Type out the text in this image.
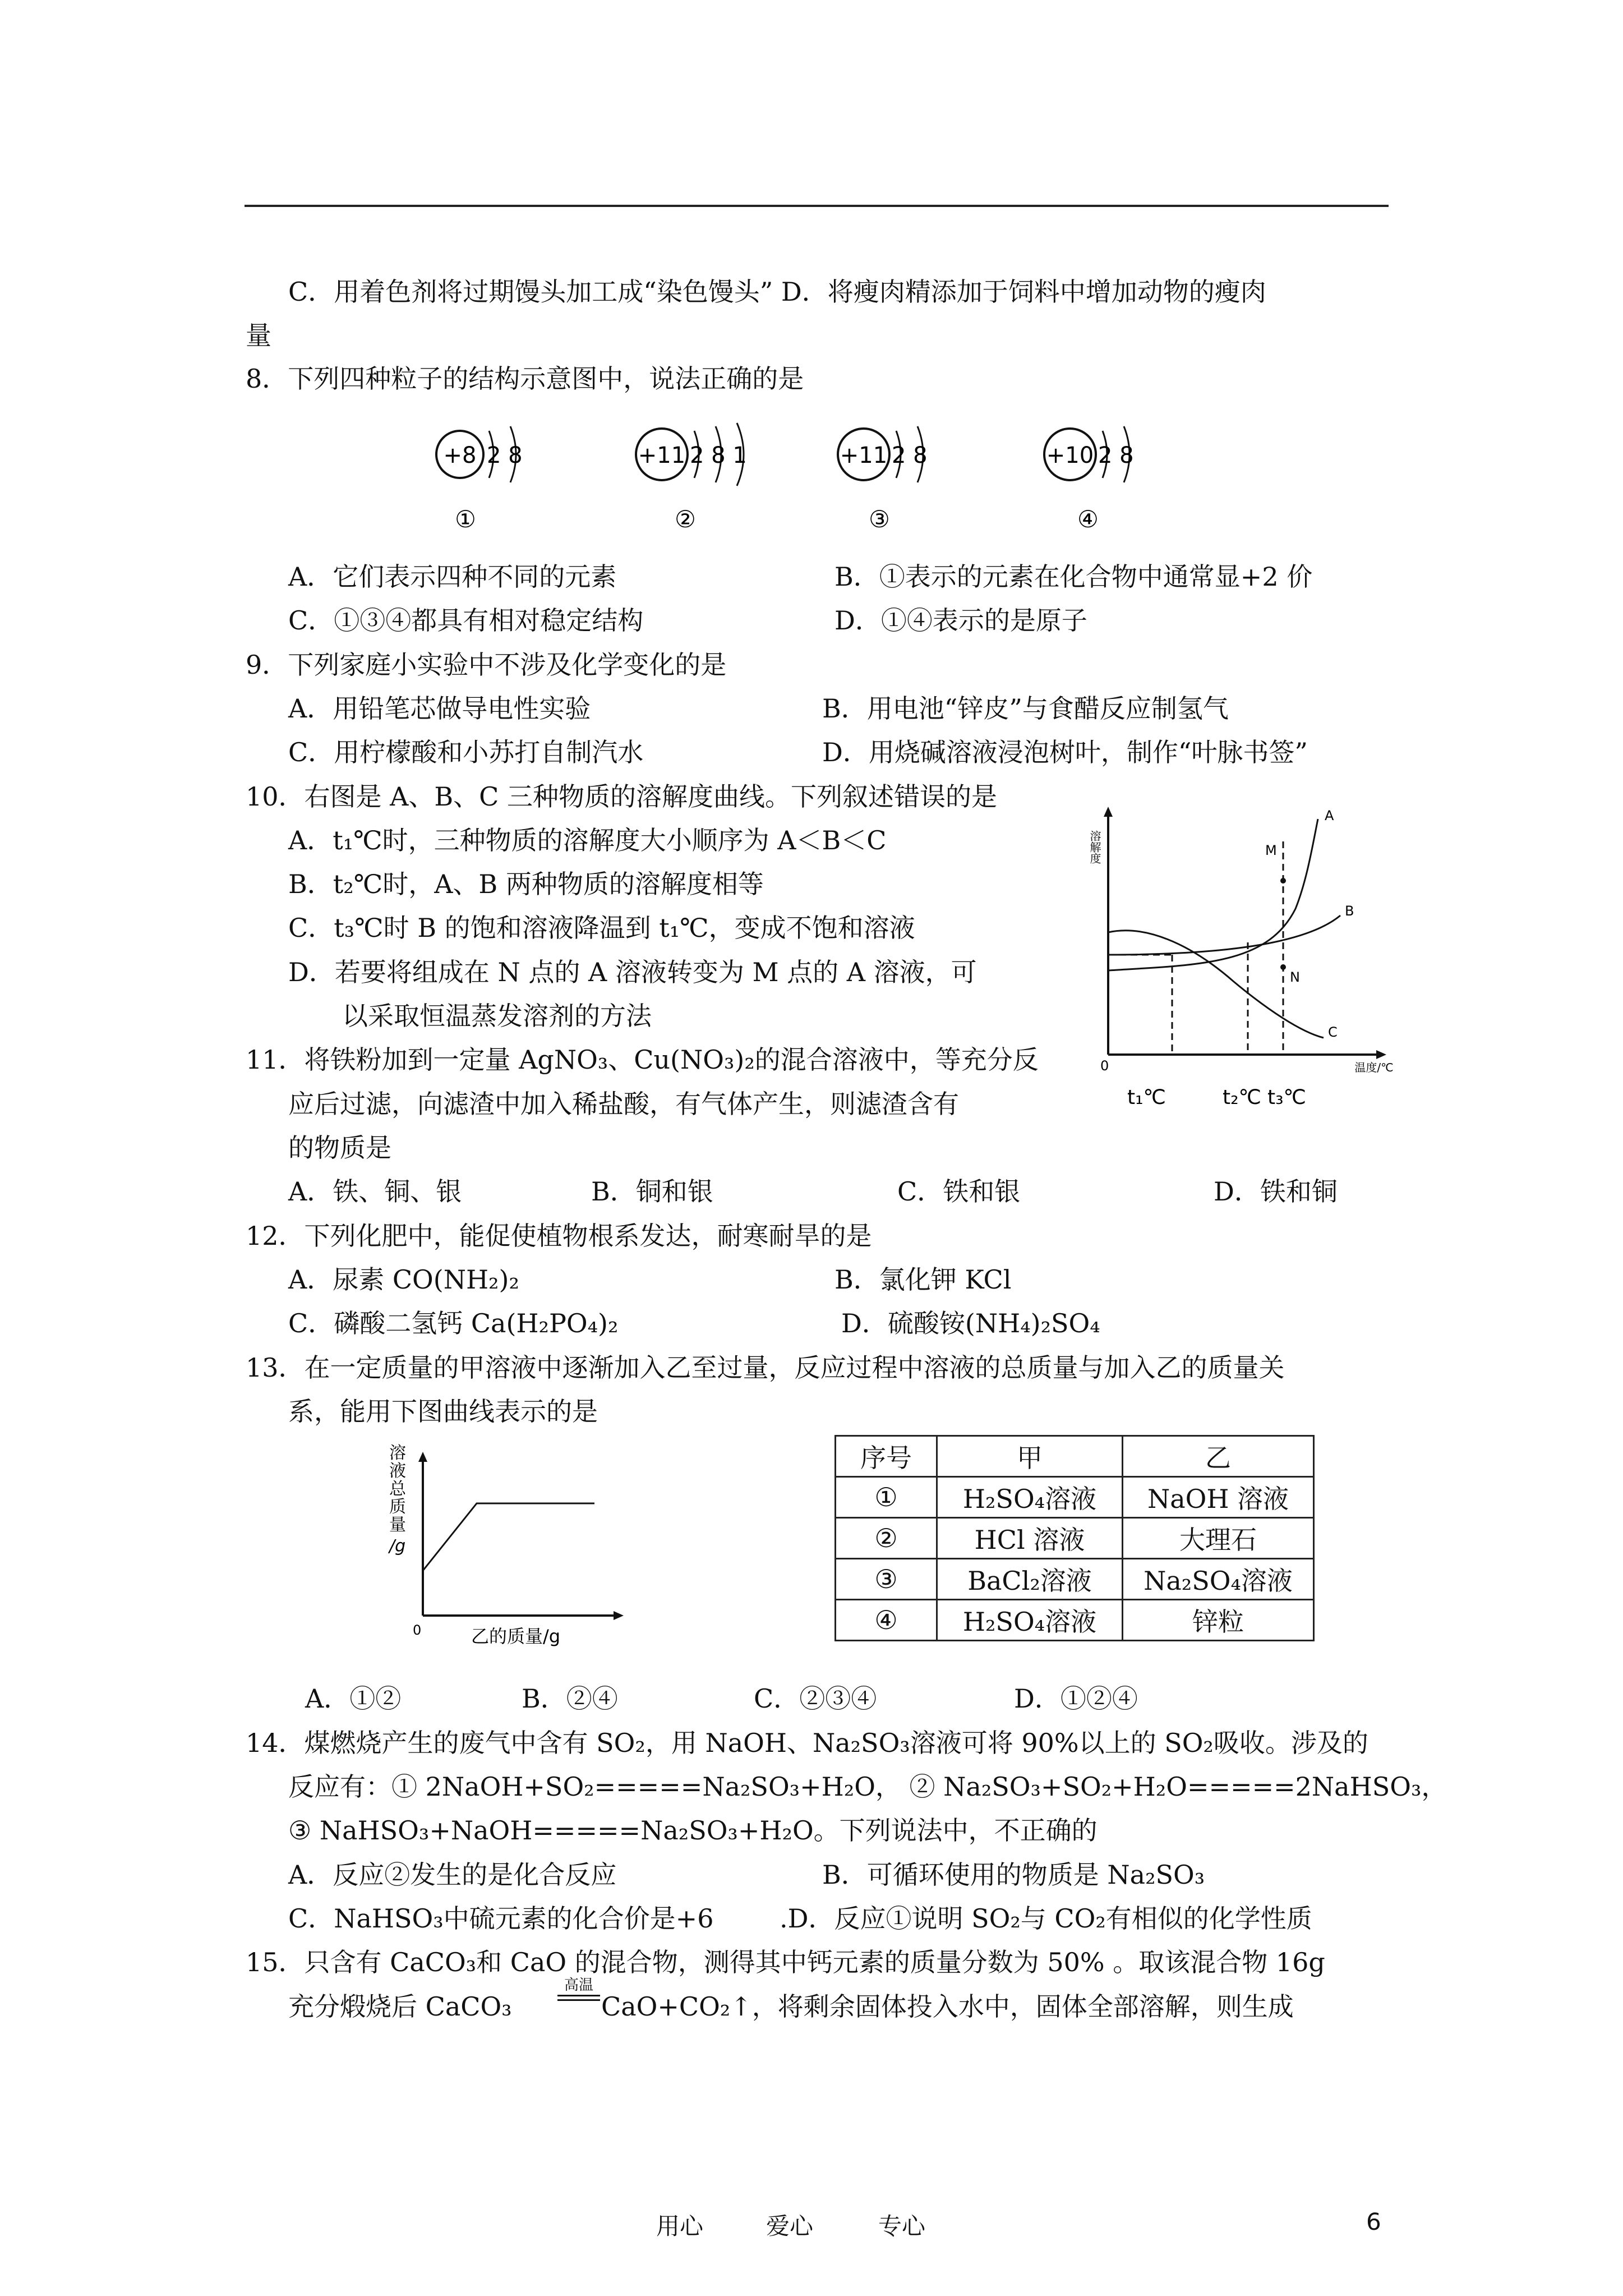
C．用着色剂将过期馒头加工成“染色馒头” D．将瘦肉精添加于饲料中增加动物的瘦肉
量
8．下列四种粒子的结构示意图中，说法正确的是
+8 2 8
①
+11 2 8 1
②
+11 2 8
③
+10 2 8
④
A．它们表示四种不同的元素	B．①表示的元素在化合物中通常显+2 价
C．①③④都具有相对稳定结构	D．①④表示的是原子
9．下列家庭小实验中不涉及化学变化的是
A．用铅笔芯做导电性实验	B．用电池“锌皮”与食醋反应制氢气
C．用柠檬酸和小苏打自制汽水	D．用烧碱溶液浸泡树叶，制作“叶脉书签”
10．右图是 A、B、C 三种物质的溶解度曲线。下列叙述错误的是
A．t₁℃时，三种物质的溶解度大小顺序为 A＜B＜C
B．t₂℃时，A、B 两种物质的溶解度相等
C．t₃℃时 B 的饱和溶液降温到 t₁℃，变成不饱和溶液
D．若要将组成在 N 点的 A 溶液转变为 M 点的 A 溶液，可
以采取恒温蒸发溶剂的方法
溶解度
温度/℃
0
A
B
C
M
N
t₁℃	t₂℃ t₃℃
11．将铁粉加到一定量 AgNO₃、Cu(NO₃)₂的混合溶液中，等充分反
应后过滤，向滤渣中加入稀盐酸，有气体产生，则滤渣含有
的物质是
A．铁、铜、银	B．铜和银	C．铁和银	D．铁和铜
12．下列化肥中，能促使植物根系发达，耐寒耐旱的是
A．尿素 CO(NH₂)₂	B．氯化钾 KCl
C．磷酸二氢钙 Ca(H₂PO₄)₂	D．硫酸铵(NH₄)₂SO₄
13．在一定质量的甲溶液中逐渐加入乙至过量，反应过程中溶液的总质量与加入乙的质量关
系，能用下图曲线表示的是
溶
液
总
质
量
/g
0	乙的质量/g
序号	甲	乙
①	H₂SO₄溶液	NaOH 溶液
②	HCl 溶液	大理石
③	BaCl₂溶液	Na₂SO₄溶液
④	H₂SO₄溶液	锌粒
A．①②	B．②④	C．②③④	D．①②④
14．煤燃烧产生的废气中含有 SO₂，用 NaOH、Na₂SO₃溶液可将 90%以上的 SO₂吸收。涉及的
反应有：① 2NaOH+SO₂=====Na₂SO₃+H₂O， ② Na₂SO₃+SO₂+H₂O=====2NaHSO₃，
③ NaHSO₃+NaOH=====Na₂SO₃+H₂O。下列说法中，不正确的
A．反应②发生的是化合反应	B．可循环使用的物质是 Na₂SO₃
C．NaHSO₃中硫元素的化合价是+6	.D．反应①说明 SO₂与 CO₂有相似的化学性质
15．只含有 CaCO₃和 CaO 的混合物，测得其中钙元素的质量分数为 50% 。取该混合物 16g
充分煅烧后 CaCO₃
高温
CaO+CO₂↑，将剩余固体投入水中，固体全部溶解，则生成
用心	爱心	专心	6
